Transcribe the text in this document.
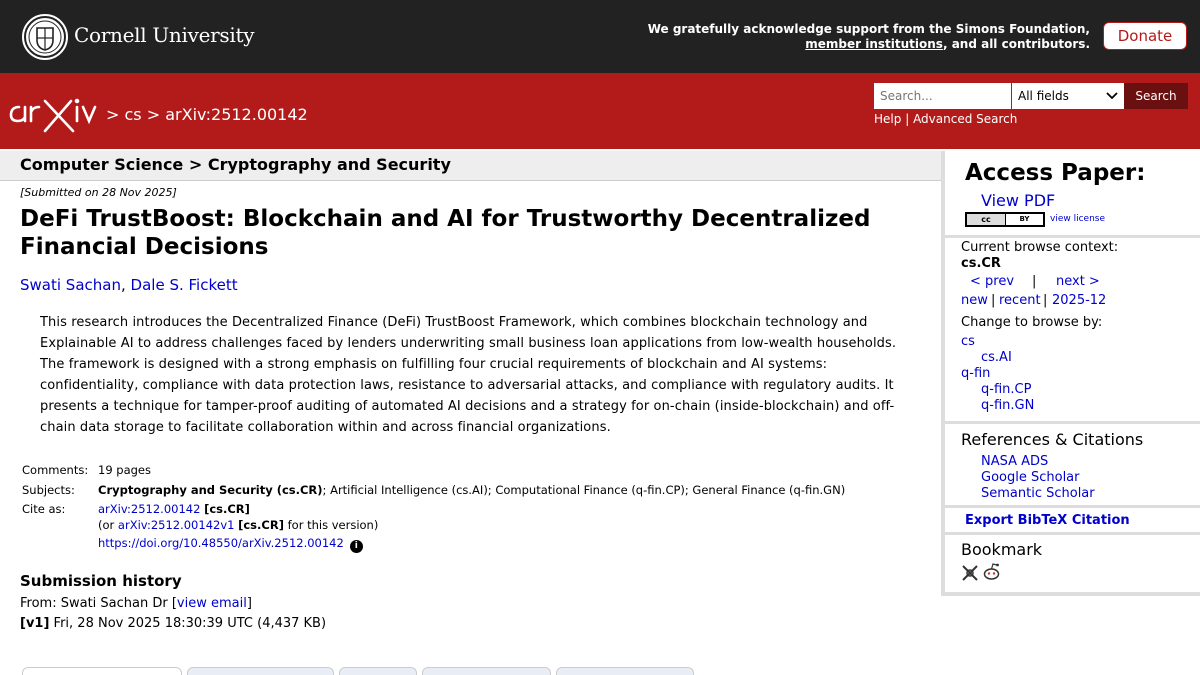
Cornell University	We gratefully acknowledge support from the Simons Foundation,
member institutions, and all contributors.	Donate
> cs > arXiv:2512.00142
Search...
All fields	Search
Help | Advanced Search
Computer Science > Cryptography and Security
[Submitted on 28 Nov 2025]
DeFi TrustBoost: Blockchain and AI for Trustworthy Decentralized Financial Decisions
Swati Sachan, Dale S. Fickett
This research introduces the Decentralized Finance (DeFi) TrustBoost Framework, which combines blockchain technology and Explainable AI to address challenges faced by lenders underwriting small business loan applications from low-wealth households. The framework is designed with a strong emphasis on fulfilling four crucial requirements of blockchain and AI systems: confidentiality, compliance with data protection laws, resistance to adversarial attacks, and compliance with regulatory audits. It presents a technique for tamper-proof auditing of automated AI decisions and a strategy for on-chain (inside-blockchain) and off-chain data storage to facilitate collaboration within and across financial organizations.
Comments:	19 pages
Subjects:	Cryptography and Security (cs.CR); Artificial Intelligence (cs.AI); Computational Finance (q-fin.CP); General Finance (q-fin.GN)
Cite as:	arXiv:2512.00142 [cs.CR]
(or arXiv:2512.00142v1 [cs.CR] for this version)
https://doi.org/10.48550/arXiv.2512.00142 i
Submission history
From: Swati Sachan Dr [view email]
[v1] Fri, 28 Nov 2025 18:30:39 UTC (4,437 KB)
Access Paper:
View PDF
cc	BY	view license
Current browse context:
cs.CR
< prev | next >
new | recent | 2025-12
Change to browse by:
cs
cs.AI
q-fin
q-fin.CP
q-fin.GN
References & Citations
NASA ADS
Google Scholar
Semantic Scholar
Export BibTeX Citation
Bookmark
